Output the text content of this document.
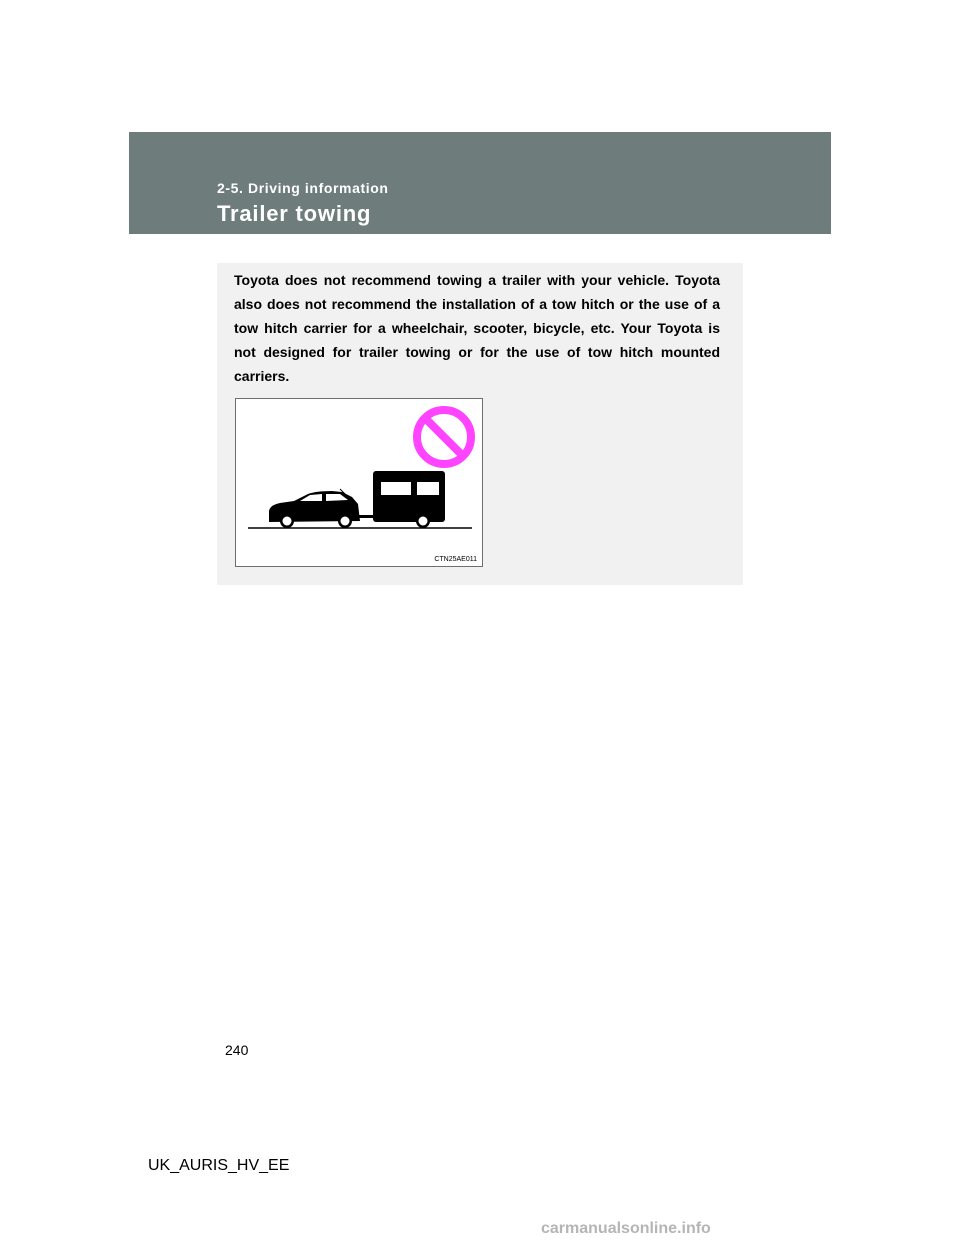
2-5. Driving information
Trailer towing

Toyota does not recommend towing a trailer with your vehicle. Toyota also does not recommend the installation of a tow hitch or the use of a tow hitch carrier for a wheelchair, scooter, bicycle, etc. Your Toyota is not designed for trailer towing or for the use of tow hitch mounted carriers.

CTN25AE011
240
UK_AURIS_HV_EE
carmanualsonline.info
